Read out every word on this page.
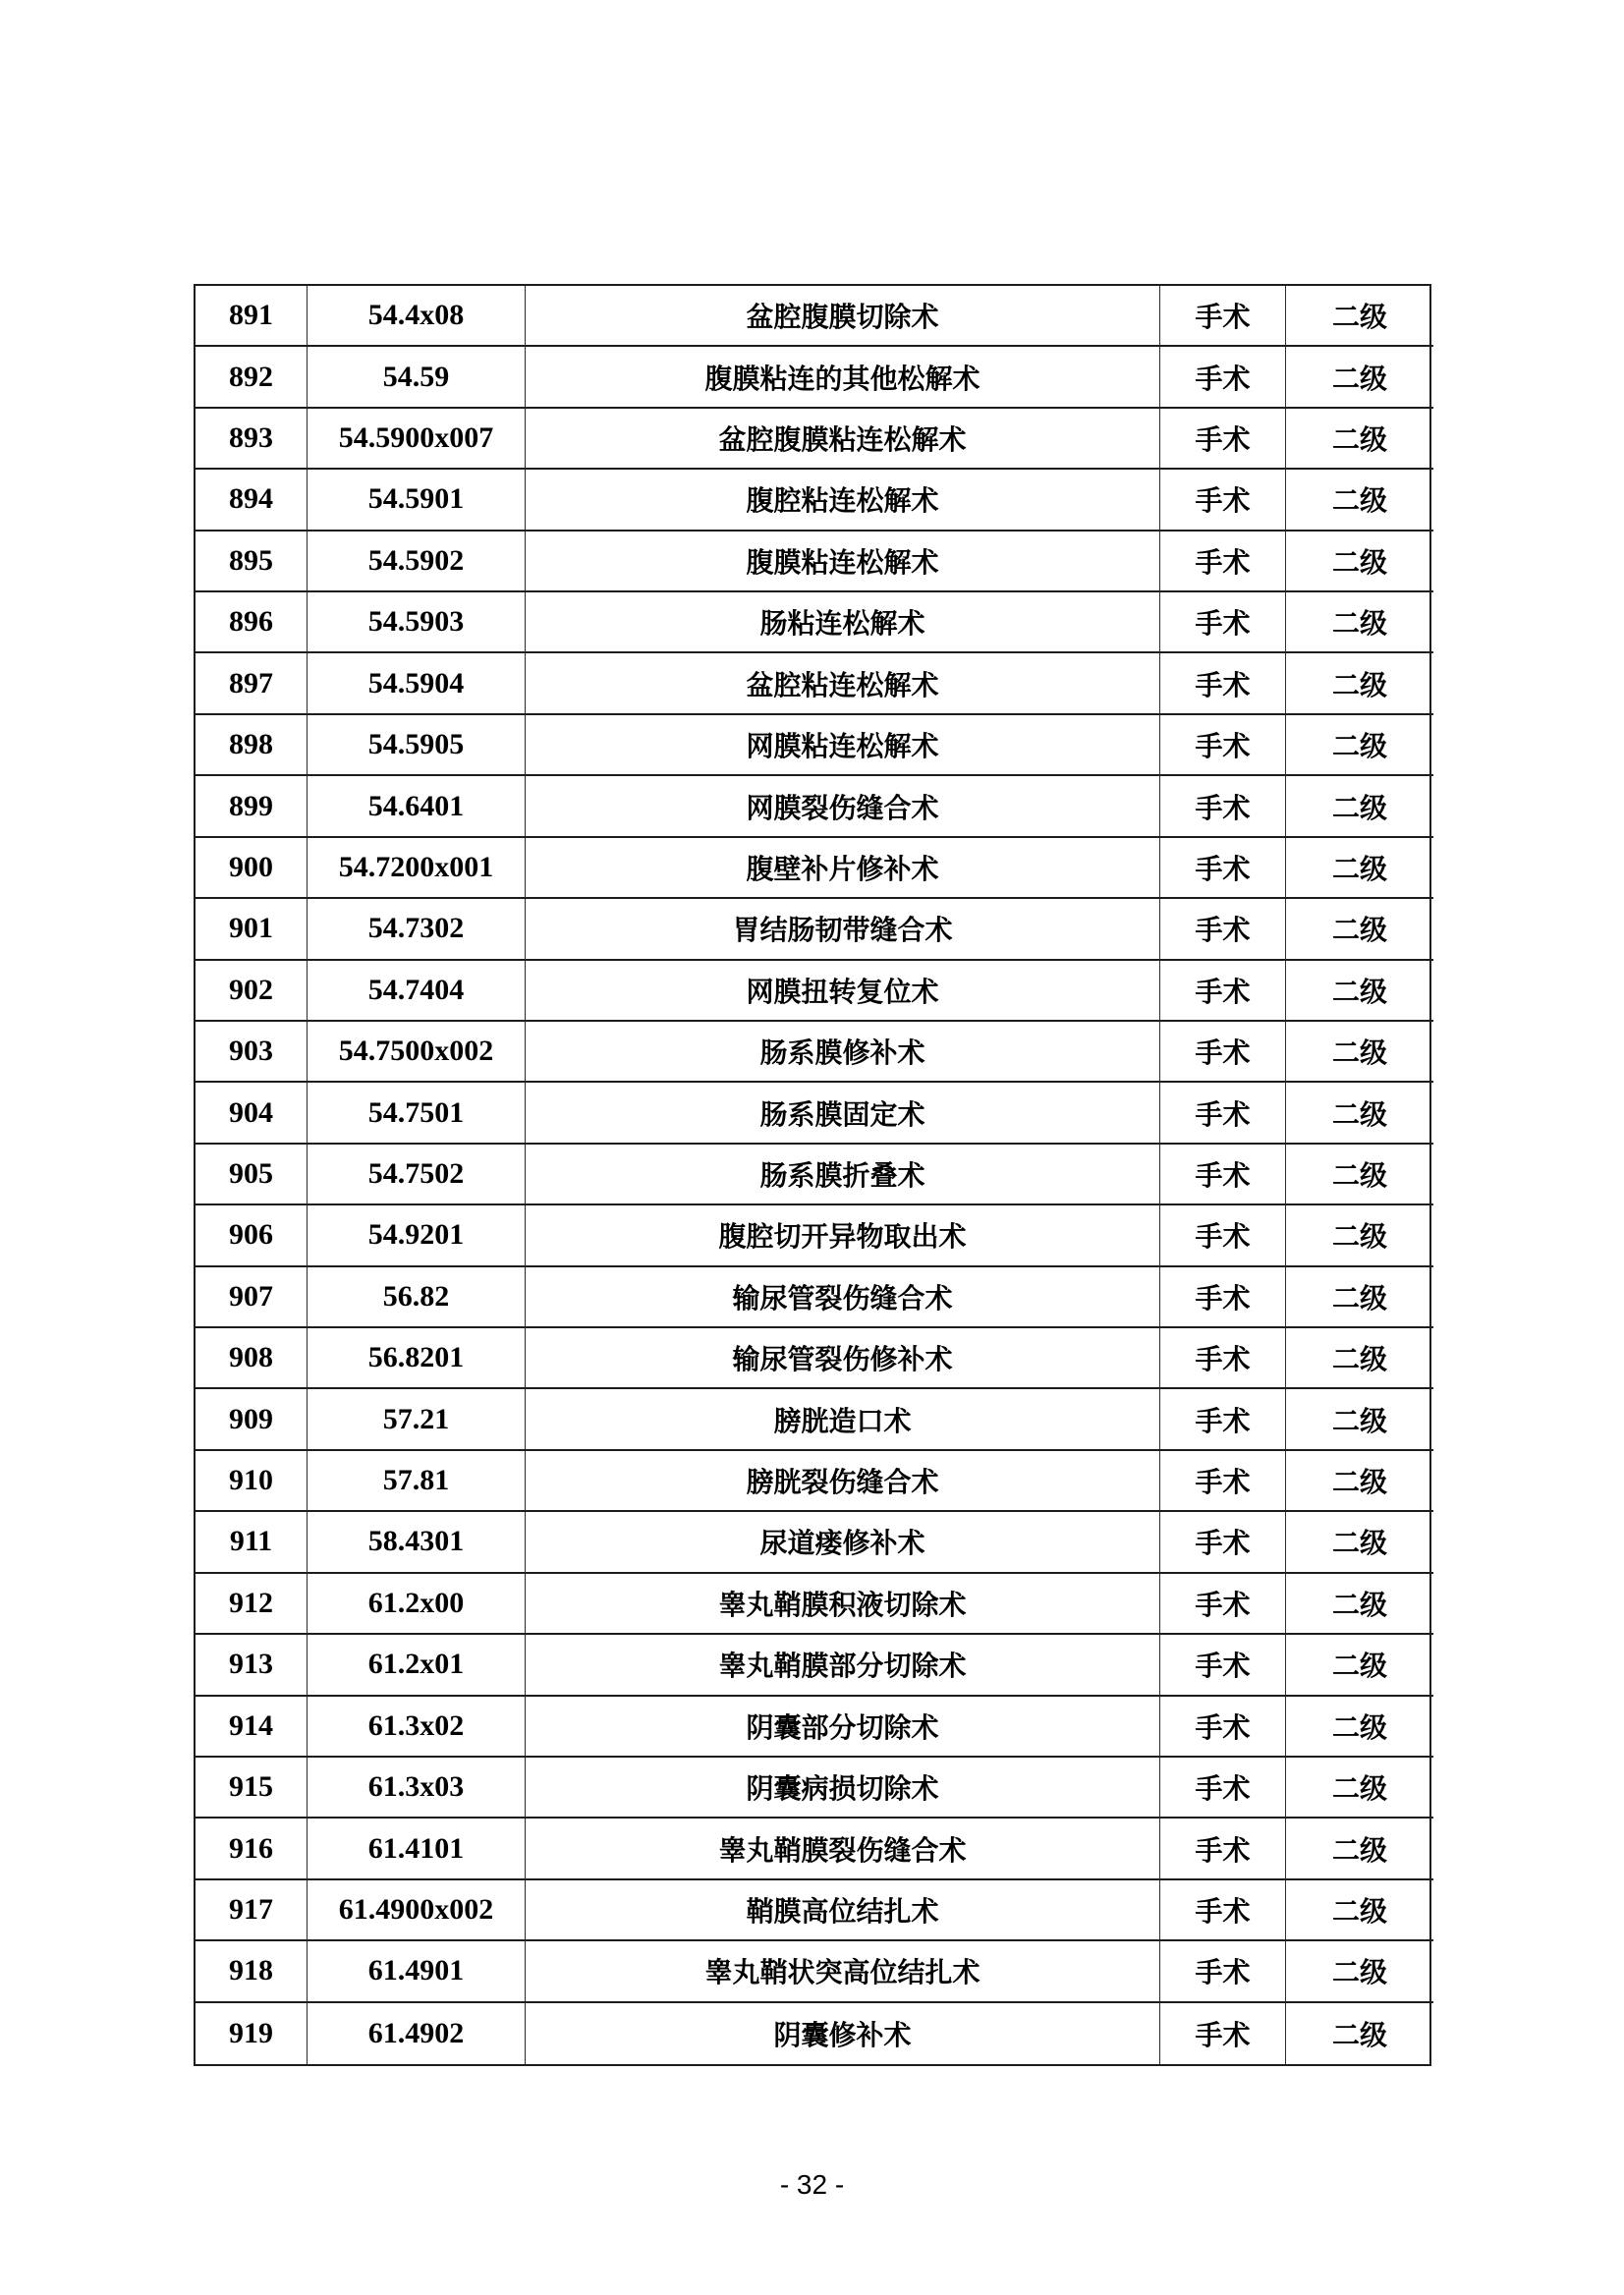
891	54.4x08	盆腔腹膜切除术	手术	二级
892	54.59	腹膜粘连的其他松解术	手术	二级
893	54.5900x007	盆腔腹膜粘连松解术	手术	二级
894	54.5901	腹腔粘连松解术	手术	二级
895	54.5902	腹膜粘连松解术	手术	二级
896	54.5903	肠粘连松解术	手术	二级
897	54.5904	盆腔粘连松解术	手术	二级
898	54.5905	网膜粘连松解术	手术	二级
899	54.6401	网膜裂伤缝合术	手术	二级
900	54.7200x001	腹壁补片修补术	手术	二级
901	54.7302	胃结肠韧带缝合术	手术	二级
902	54.7404	网膜扭转复位术	手术	二级
903	54.7500x002	肠系膜修补术	手术	二级
904	54.7501	肠系膜固定术	手术	二级
905	54.7502	肠系膜折叠术	手术	二级
906	54.9201	腹腔切开异物取出术	手术	二级
907	56.82	输尿管裂伤缝合术	手术	二级
908	56.8201	输尿管裂伤修补术	手术	二级
909	57.21	膀胱造口术	手术	二级
910	57.81	膀胱裂伤缝合术	手术	二级
911	58.4301	尿道瘘修补术	手术	二级
912	61.2x00	睾丸鞘膜积液切除术	手术	二级
913	61.2x01	睾丸鞘膜部分切除术	手术	二级
914	61.3x02	阴囊部分切除术	手术	二级
915	61.3x03	阴囊病损切除术	手术	二级
916	61.4101	睾丸鞘膜裂伤缝合术	手术	二级
917	61.4900x002	鞘膜高位结扎术	手术	二级
918	61.4901	睾丸鞘状突高位结扎术	手术	二级
919	61.4902	阴囊修补术	手术	二级
- 32 -
